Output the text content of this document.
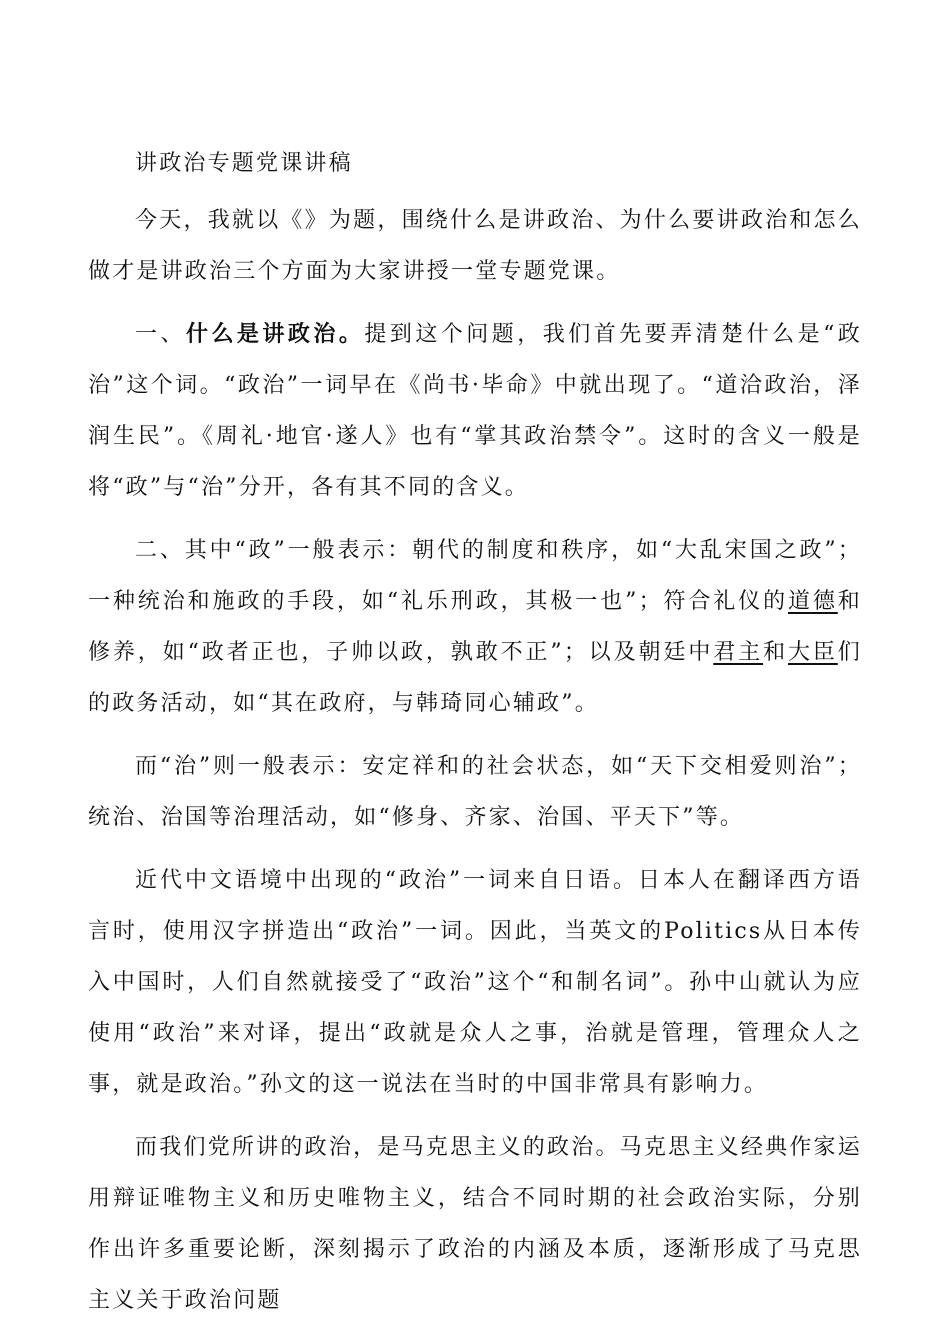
讲政治专题党课讲稿

今天，我就以《》为题，围绕什么是讲政治、为什么要讲政治和怎么做才是讲政治三个方面为大家讲授一堂专题党课。

一、什么是讲政治。提到这个问题，我们首先要弄清楚什么是“政治”这个词。“政治”一词早在《尚书·毕命》中就出现了。“道洽政治，泽润生民”。《周礼·地官·遂人》也有“掌其政治禁令”。这时的含义一般是将“政”与“治”分开，各有其不同的含义。

二、其中“政”一般表示：朝代的制度和秩序，如“大乱宋国之政”；一种统治和施政的手段，如“礼乐刑政，其极一也”；符合礼仪的道德和修养，如“政者正也，子帅以政，孰敢不正”；以及朝廷中君主和大臣们的政务活动，如“其在政府，与韩琦同心辅政”。

而“治”则一般表示：安定祥和的社会状态，如“天下交相爱则治”；统治、治国等治理活动，如“修身、齐家、治国、平天下”等。

近代中文语境中出现的“政治”一词来自日语。日本人在翻译西方语言时，使用汉字拼造出“政治”一词。因此，当英文的Politics从日本传入中国时，人们自然就接受了“政治”这个“和制名词”。孙中山就认为应使用“政治”来对译，提出“政就是众人之事，治就是管理，管理众人之事，就是政治。”孙文的这一说法在当时的中国非常具有影响力。

而我们党所讲的政治，是马克思主义的政治。马克思主义经典作家运用辩证唯物主义和历史唯物主义，结合不同时期的社会政治实际，分别作出许多重要论断，深刻揭示了政治的内涵及本质，逐渐形成了马克思主义关于政治问题
